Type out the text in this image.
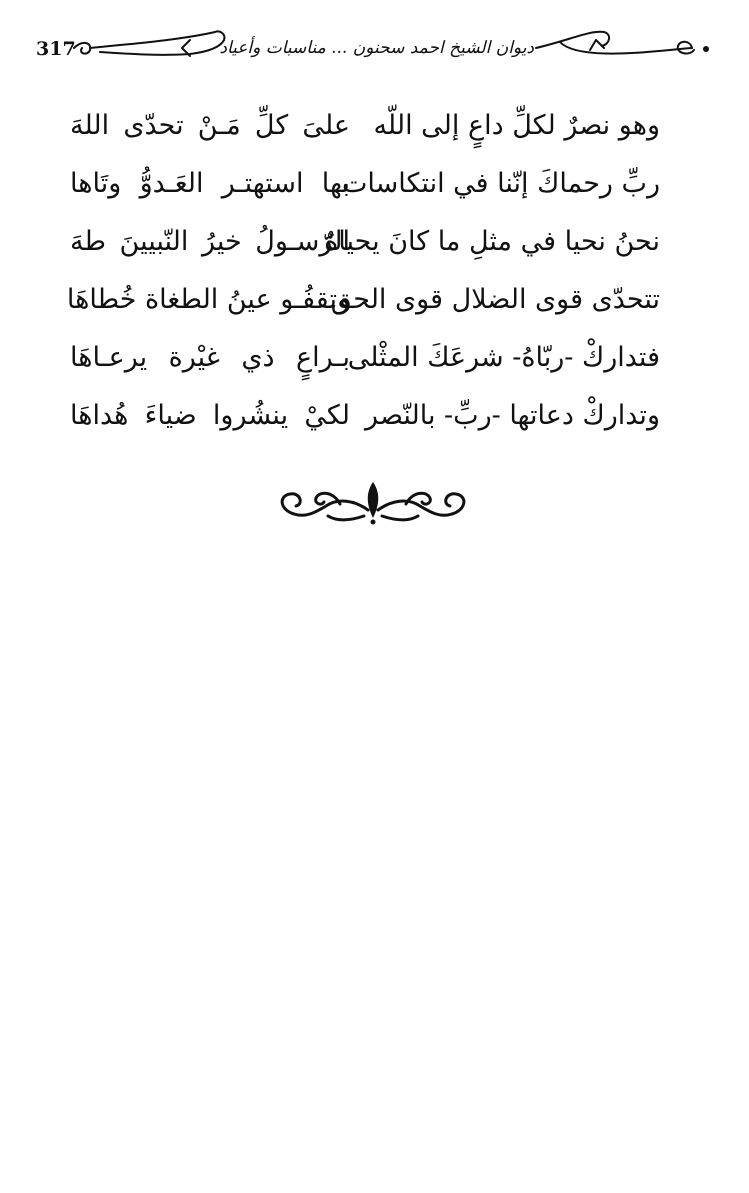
317	ديوان الشيخ احمد سحنون ... مناسبات وأعياد
وهو نصرٌ لكلِّ داعٍ إلى اللّه
علىَ كلِّ مَـنْ تحدّى اللهَ
ربِّ رحماكَ إنّنا في انتكاسات
بها استهتـر العَـدوُّ وتَاها
نحنُ نحيا في مثلِ ما كانَ يحياهُ
الرّسـولُ خيرُ النّبيينَ طهَ
تتحدّى قوى الضلال قوى الحق
وتقفُـو عينُ الطغاة خُطاهَا
فتداركْ -ربّاهُ- شرعَكَ المثْلى
بـراعٍ ذي غيْرة يرعـاهَا
وتداركْ دعاتها -ربِّ- بالنّصر
لكيْ ينشُروا ضياءَ هُداهَا
